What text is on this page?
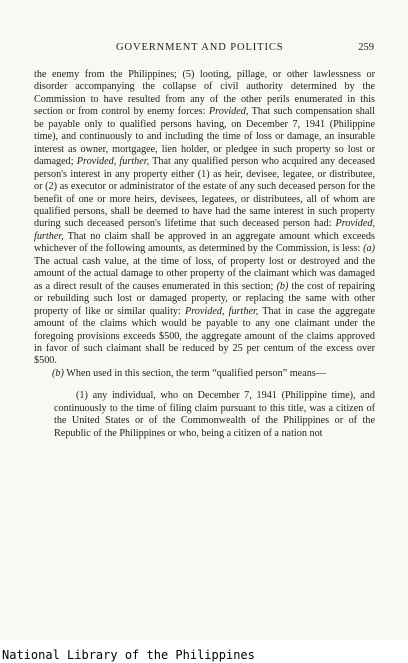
GOVERNMENT AND POLITICS	259

the enemy from the Philippines; (5) looting, pillage, or other lawlessness or disorder accompanying the collapse of civil authority determined by the Commission to have resulted from any of the other perils enumerated in this section or from control by enemy forces: Provided, That such compensation shall be payable only to qualified persons having, on December 7, 1941 (Philippine time), and continuously to and including the time of loss or damage, an insurable interest as owner, mortgagee, lien holder, or pledgee in such property so lost or damaged; Provided, further, That any qualified person who acquired any deceased person's interest in any property either (1) as heir, devisee, legatee, or distributee, or (2) as executor or administrator of the estate of any such deceased person for the benefit of one or more heirs, devisees, legatees, or distributees, all of whom are qualified persons, shall be deemed to have had the same interest in such property during such deceased person's lifetime that such deceased person had: Provided, further, That no claim shall be approved in an aggregate amount which exceeds whichever of the following amounts, as determined by the Commission, is less: (a) The actual cash value, at the time of loss, of property lost or destroyed and the amount of the actual damage to other property of the claimant which was damaged as a direct result of the causes enumerated in this section; (b) the cost of repairing or rebuilding such lost or damaged property, or replacing the same with other property of like or similar quality: Provided, further, That in case the aggregate amount of the claims which would be payable to any one claimant under the foregoing provisions exceeds $500, the aggregate amount of the claims approved in favor of such claimant shall be reduced by 25 per centum of the excess over $500.

(b) When used in this section, the term “qualified person” means—

(1) any individual, who on December 7, 1941 (Philippine time), and continuously to the time of filing claim pursuant to this title, was a citizen of the United States or of the Commonwealth of the Philippines or of the Republic of the Philippines or who, being a citizen of a nation not

National Library of the Philippines
